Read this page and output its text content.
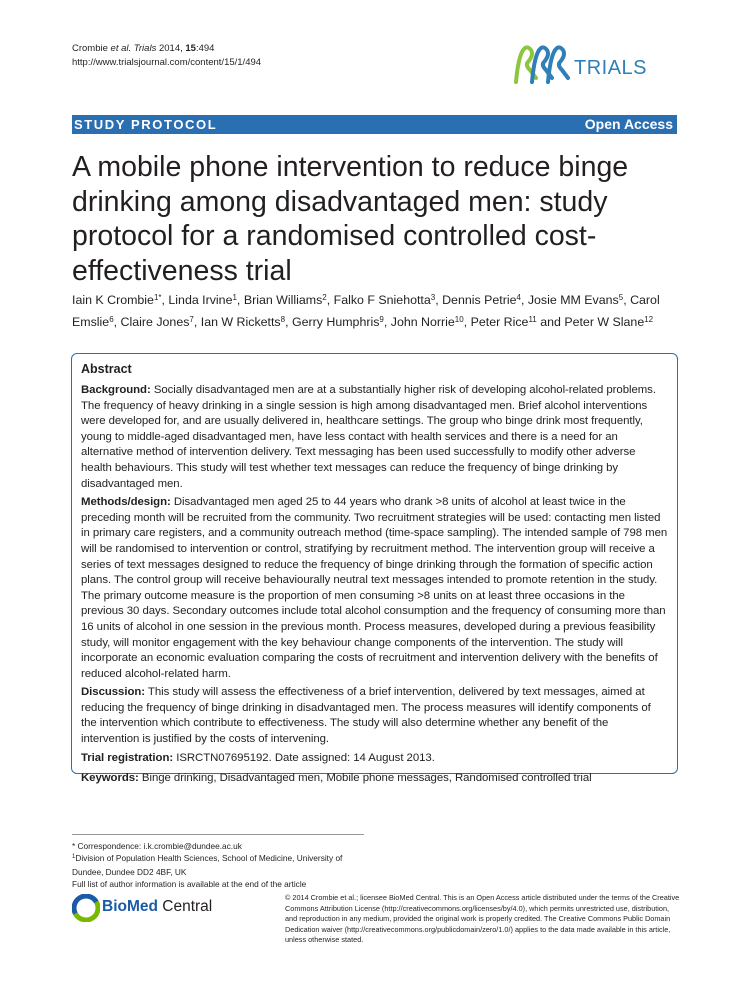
Crombie et al. Trials 2014, 15:494
http://www.trialsjournal.com/content/15/1/494	TRIALS
STUDY PROTOCOL	Open Access
A mobile phone intervention to reduce binge drinking among disadvantaged men: study protocol for a randomised controlled cost-effectiveness trial
Iain K Crombie$^{1*}$, Linda Irvine$^1$, Brian Williams$^2$, Falko F Sniehotta$^3$, Dennis Petrie$^4$, Josie MM Evans$^5$, Carol Emslie$^6$, Claire Jones$^7$, Ian W Ricketts$^8$, Gerry Humphris$^9$, John Norrie$^{10}$, Peter Rice$^{11}$ and Peter W Slane$^{12}$
Abstract

Background: Socially disadvantaged men are at a substantially higher risk of developing alcohol-related problems. The frequency of heavy drinking in a single session is high among disadvantaged men. Brief alcohol interventions were developed for, and are usually delivered in, healthcare settings. The group who binge drink most frequently, young to middle-aged disadvantaged men, have less contact with health services and there is a need for an alternative method of intervention delivery. Text messaging has been used successfully to modify other adverse health behaviours. This study will test whether text messages can reduce the frequency of binge drinking by disadvantaged men.

Methods/design: Disadvantaged men aged 25 to 44 years who drank >8 units of alcohol at least twice in the preceding month will be recruited from the community. Two recruitment strategies will be used: contacting men listed in primary care registers, and a community outreach method (time-space sampling). The intended sample of 798 men will be randomised to intervention or control, stratifying by recruitment method. The intervention group will receive a series of text messages designed to reduce the frequency of binge drinking through the formation of specific action plans. The control group will receive behaviourally neutral text messages intended to promote retention in the study. The primary outcome measure is the proportion of men consuming >8 units on at least three occasions in the previous 30 days. Secondary outcomes include total alcohol consumption and the frequency of consuming more than 16 units of alcohol in one session in the previous month. Process measures, developed during a previous feasibility study, will monitor engagement with the key behaviour change components of the intervention. The study will incorporate an economic evaluation comparing the costs of recruitment and intervention delivery with the benefits of reduced alcohol-related harm.

Discussion: This study will assess the effectiveness of a brief intervention, delivered by text messages, aimed at reducing the frequency of binge drinking in disadvantaged men. The process measures will identify components of the intervention which contribute to effectiveness. The study will also determine whether any benefit of the intervention is justified by the costs of intervening.

Trial registration: ISRCTN07695192. Date assigned: 14 August 2013.

Keywords: Binge drinking, Disadvantaged men, Mobile phone messages, Randomised controlled trial

* Correspondence: i.k.crombie@dundee.ac.uk
$^1$Division of Population Health Sciences, School of Medicine, University of Dundee, Dundee DD2 4BF, UK
Full list of author information is available at the end of the article
BioMed Central
© 2014 Crombie et al.; licensee BioMed Central. This is an Open Access article distributed under the terms of the Creative Commons Attribution License (http://creativecommons.org/licenses/by/4.0), which permits unrestricted use, distribution, and reproduction in any medium, provided the original work is properly credited. The Creative Commons Public Domain Dedication waiver (http://creativecommons.org/publicdomain/zero/1.0/) applies to the data made available in this article, unless otherwise stated.
